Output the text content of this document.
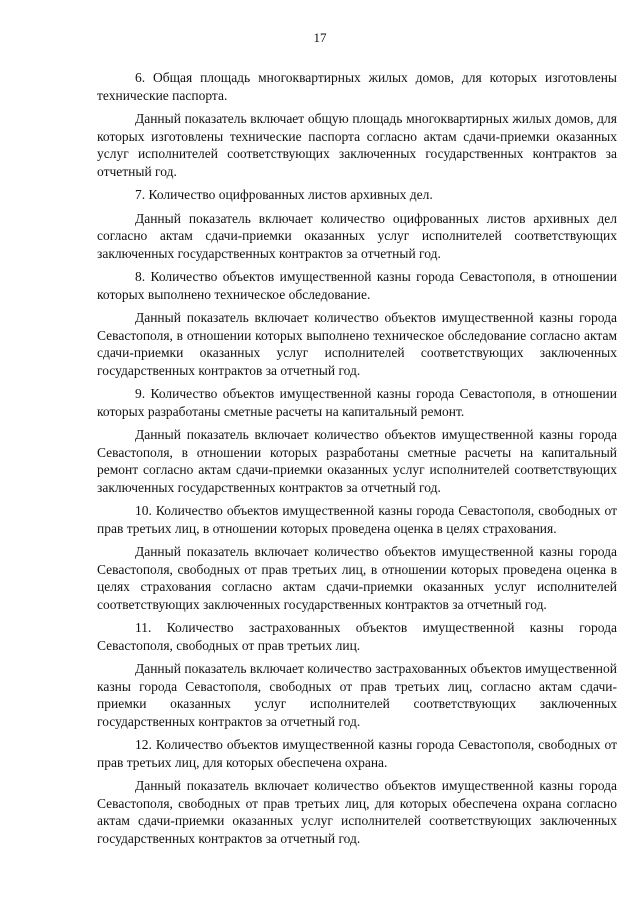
17

6. Общая площадь многоквартирных жилых домов, для которых изготовлены технические паспорта.

Данный показатель включает общую площадь многоквартирных жилых домов, для которых изготовлены технические паспорта согласно актам сдачи-приемки оказанных услуг исполнителей соответствующих заключенных государственных контрактов за отчетный год.

7. Количество оцифрованных листов архивных дел.

Данный показатель включает количество оцифрованных листов архивных дел согласно актам сдачи-приемки оказанных услуг исполнителей соответствующих заключенных государственных контрактов за отчетный год.

8. Количество объектов имущественной казны города Севастополя, в отношении которых выполнено техническое обследование.

Данный показатель включает количество объектов имущественной казны города Севастополя, в отношении которых выполнено техническое обследование согласно актам сдачи-приемки оказанных услуг исполнителей соответствующих заключенных государственных контрактов за отчетный год.

9. Количество объектов имущественной казны города Севастополя, в отношении которых разработаны сметные расчеты на капитальный ремонт.

Данный показатель включает количество объектов имущественной казны города Севастополя, в отношении которых разработаны сметные расчеты на капитальный ремонт согласно актам сдачи-приемки оказанных услуг исполнителей соответствующих заключенных государственных контрактов за отчетный год.

10. Количество объектов имущественной казны города Севастополя, свободных от прав третьих лиц, в отношении которых проведена оценка в целях страхования.

Данный показатель включает количество объектов имущественной казны города Севастополя, свободных от прав третьих лиц, в отношении которых проведена оценка в целях страхования согласно актам сдачи-приемки оказанных услуг исполнителей соответствующих заключенных государственных контрактов за отчетный год.

11. Количество застрахованных объектов имущественной казны города Севастополя, свободных от прав третьих лиц.

Данный показатель включает количество застрахованных объектов имущественной казны города Севастополя, свободных от прав третьих лиц, согласно актам сдачи-приемки оказанных услуг исполнителей соответствующих заключенных государственных контрактов за отчетный год.

12. Количество объектов имущественной казны города Севастополя, свободных от прав третьих лиц, для которых обеспечена охрана.

Данный показатель включает количество объектов имущественной казны города Севастополя, свободных от прав третьих лиц, для которых обеспечена охрана согласно актам сдачи-приемки оказанных услуг исполнителей соответствующих заключенных государственных контрактов за отчетный год.
